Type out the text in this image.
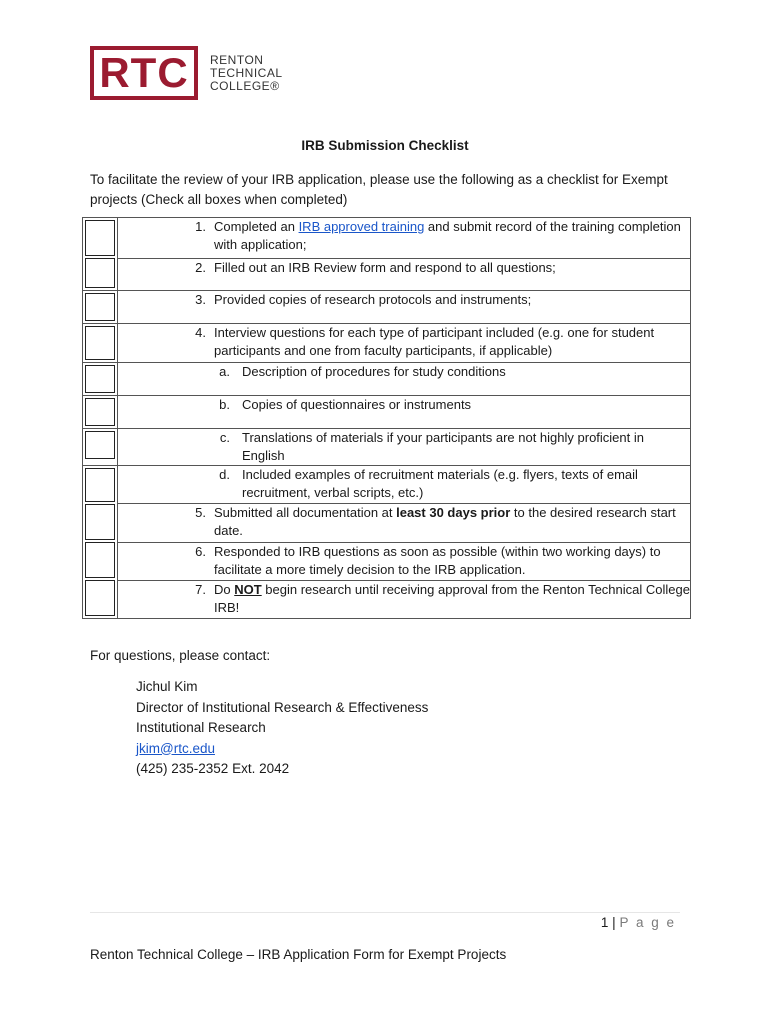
RTC	RENTON
TECHNICAL
COLLEGE®
IRB Submission Checklist
To facilitate the review of your IRB application, please use the following as a checklist for Exempt projects (Check all boxes when completed)

	1. Completed an IRB approved training and submit record of the training completion with application;

	2. Filled out an IRB Review form and respond to all questions;

	3. Provided copies of research protocols and instruments;

	4. Interview questions for each type of participant included (e.g. one for student participants and one from faculty participants, if applicable)

	a. Description of procedures for study conditions

	b. Copies of questionnaires or instruments

	c. Translations of materials if your participants are not highly proficient in English

	d. Included examples of recruitment materials (e.g. flyers, texts of email recruitment, verbal scripts, etc.)

	5. Submitted all documentation at least 30 days prior to the desired research start date.

	6. Responded to IRB questions as soon as possible (within two working days) to facilitate a more timely decision to the IRB application.

	7. Do NOT begin research until receiving approval from the Renton Technical College IRB!
For questions, please contact:
Jichul Kim
Director of Institutional Research & Effectiveness
Institutional Research
jkim@rtc.edu
(425) 235-2352 Ext. 2042
1 | P a g e
Renton Technical College – IRB Application Form for Exempt Projects
